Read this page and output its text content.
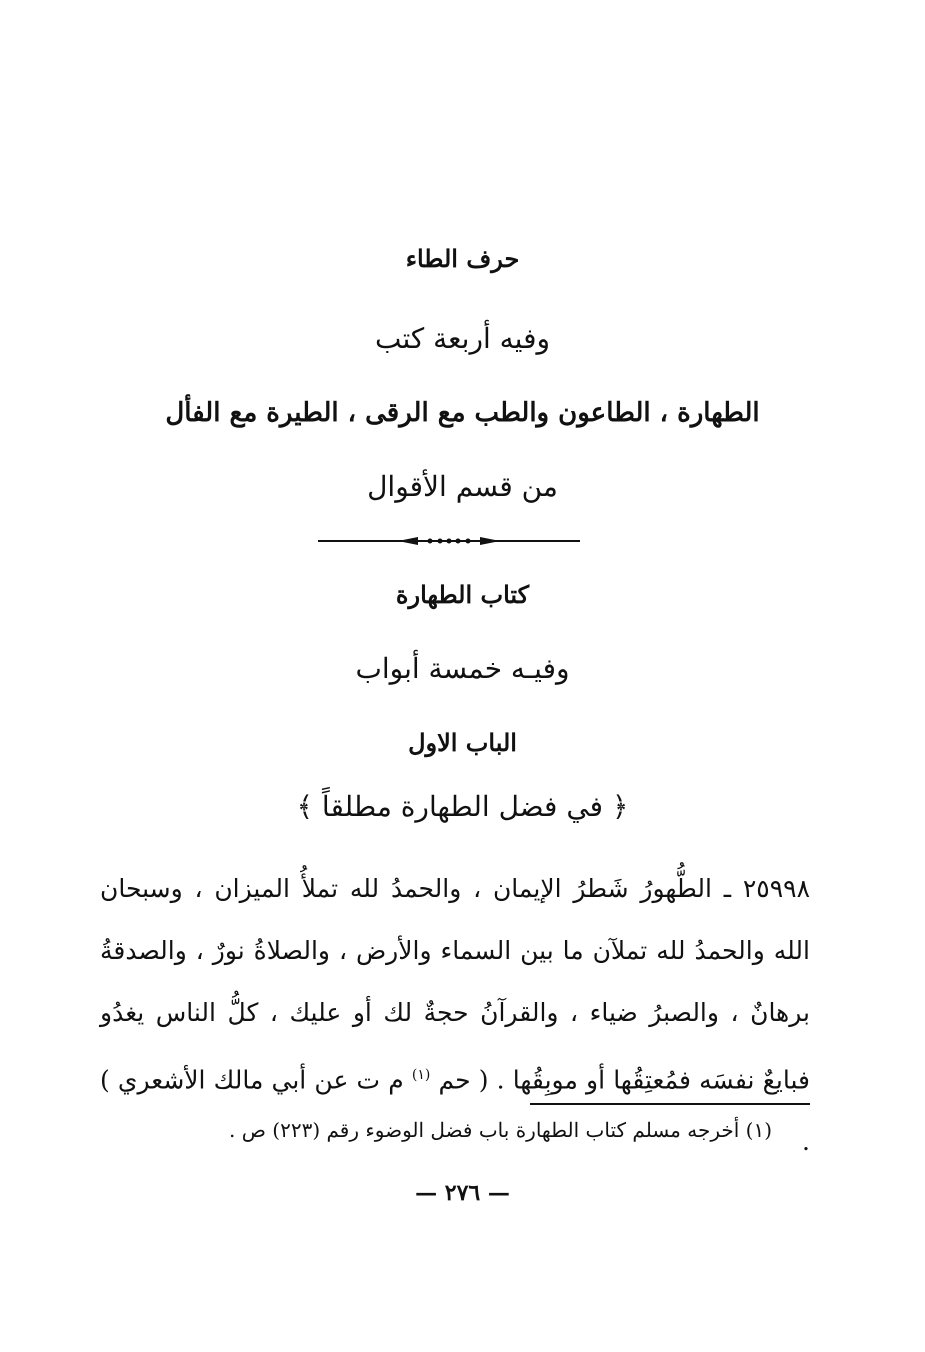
حرف الطاء
وفيه أربعة كتب
الطهارة ، الطاعون والطب مع الرقى ، الطيرة مع الفأل
من قسم الأقوال
كتاب الطهارة
وفيـه خمسة أبواب
الباب الاول
﴿ في فضل الطهارة مطلقاً ﴾
٢٥٩٩٨ ـ الطُّهورُ شَطرُ الإيمان ، والحمدُ لله تملأُ الميزان ، وسبحان الله والحمدُ لله تملآن ما بين السماء والأرض ، والصلاةُ نورٌ ، والصدقةُ برهانٌ ، والصبرُ ضياء ، والقرآنُ حجةٌ لك أو عليك ، كلُّ الناس يغدُو فبايعٌ نفسَه فمُعتِقُها أو موبِقُها . ( حم $^{(١)}$ م ت عن أبي مالك الأشعري ) .
(١) أخرجه مسلم كتاب الطهارة باب فضل الوضوء رقم (٢٢٣) ص .
— ٢٧٦ —
